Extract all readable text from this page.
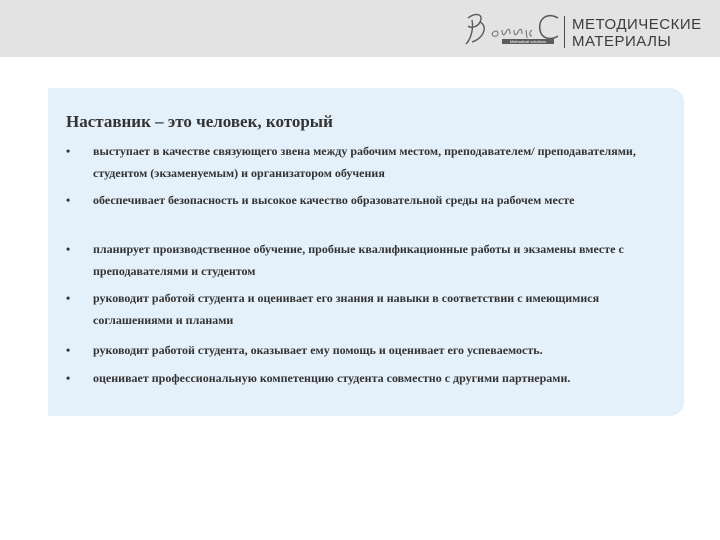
Methodical solutions
Bennett	МЕТОДИЧЕСКИЕ
МАТЕРИАЛЫ
Наставник – это человек, который
• выступает в качестве связующего звена между рабочим местом, преподавателем/ преподавателями, студентом (экзаменуемым) и организатором обучения
• обеспечивает безопасность и высокое качество образовательной среды на рабочем месте
• планирует производственное обучение, пробные квалификационные работы и экзамены вместе с преподавателями и студентом
• руководит работой студента и оценивает его знания и навыки в соответствии с имеющимися соглашениями и планами
• руководит работой студента, оказывает ему помощь и оценивает его успеваемость.
• оценивает профессиональную компетенцию студента совместно с другими партнерами.
